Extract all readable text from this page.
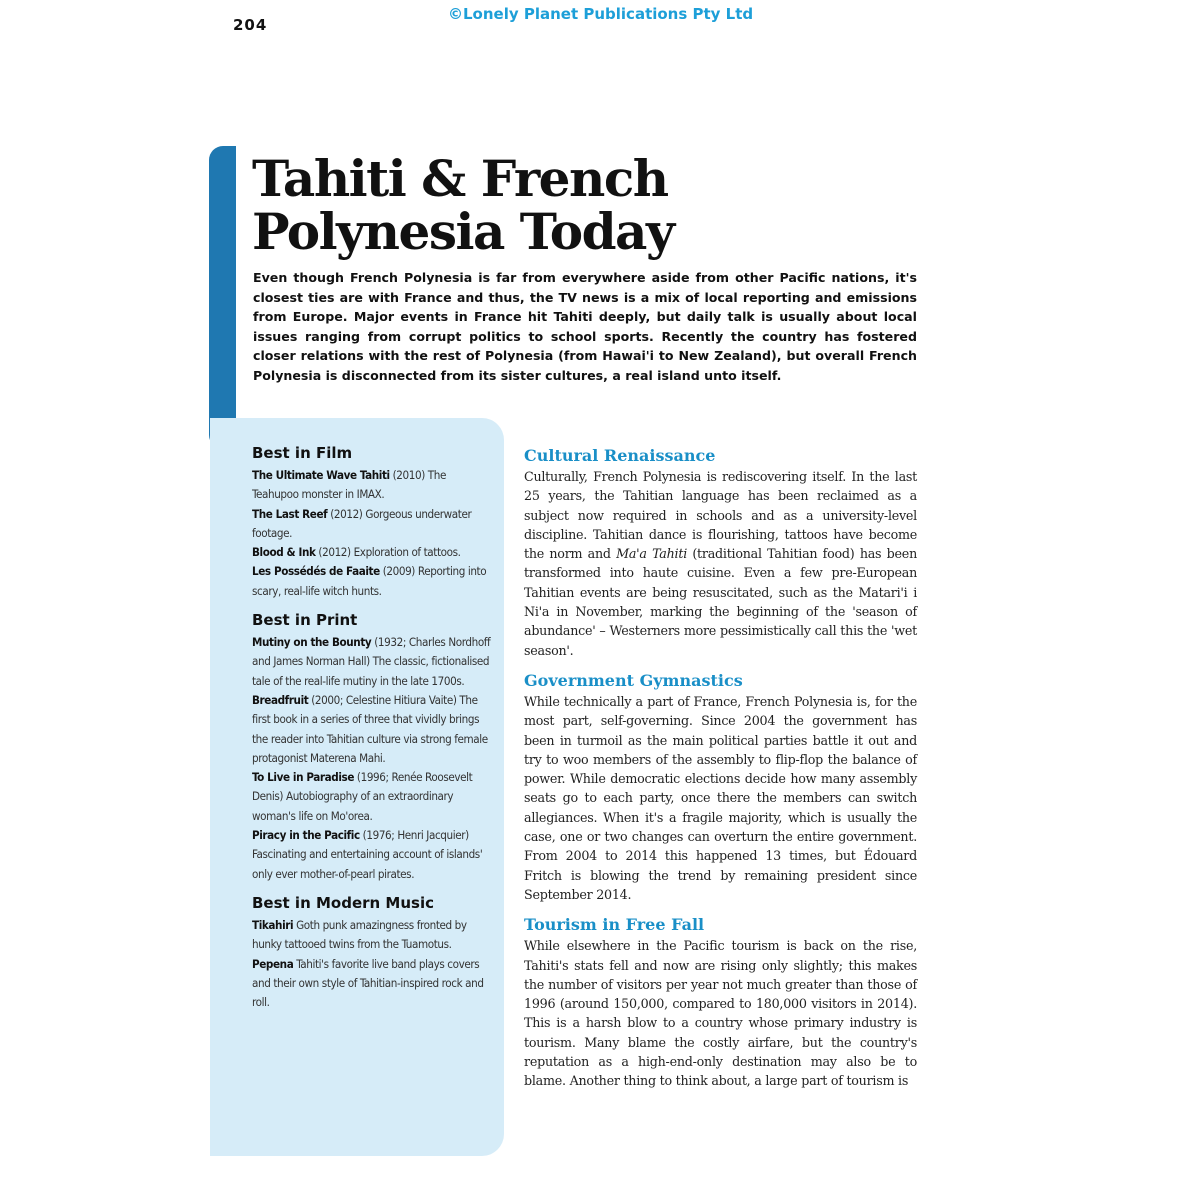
204
©Lonely Planet Publications Pty Ltd
Tahiti & French
Polynesia Today

Even though French Polynesia is far from everywhere aside from other Pacific nations, it's closest ties are with France and thus, the TV news is a mix of local reporting and emissions from Europe. Major events in France hit Tahiti deeply, but daily talk is usually about local issues ranging from corrupt politics to school sports. Recently the country has fostered closer relations with the rest of Polynesia (from Hawai'i to New Zealand), but overall French Polynesia is disconnected from its sister cultures, a real island unto itself.

Best in Film

The Ultimate Wave Tahiti (2010) The Teahupoo monster in IMAX.

The Last Reef (2012) Gorgeous underwater footage.

Blood & Ink (2012) Exploration of tattoos.

Les Possédés de Faaite (2009) Reporting into scary, real-life witch hunts.

Best in Print

Mutiny on the Bounty (1932; Charles Nordhoff and James Norman Hall) The classic, fictionalised tale of the real-life mutiny in the late 1700s.

Breadfruit (2000; Celestine Hitiura Vaite) The first book in a series of three that vividly brings the reader into Tahitian culture via strong female protagonist Materena Mahi.

To Live in Paradise (1996; Renée Roosevelt Denis) Autobiography of an extraordinary woman's life on Mo'orea.

Piracy in the Pacific (1976; Henri Jacquier) Fascinating and entertaining account of islands' only ever mother-of-pearl pirates.

Best in Modern Music

Tikahiri Goth punk amazingness fronted by hunky tattooed twins from the Tuamotus.

Pepena Tahiti's favorite live band plays covers and their own style of Tahitian-inspired rock and roll.

Cultural Renaissance

Culturally, French Polynesia is rediscovering itself. In the last 25 years, the Tahitian language has been reclaimed as a subject now required in schools and as a university-level discipline. Tahitian dance is flourishing, tattoos have become the norm and Ma'a Tahiti (traditional Tahitian food) has been transformed into haute cuisine. Even a few pre-European Tahitian events are being resuscitated, such as the Matari'i i Ni'a in November, marking the beginning of the 'season of abundance' – Westerners more pessimistically call this the 'wet season'.

Government Gymnastics

While technically a part of France, French Polynesia is, for the most part, self-governing. Since 2004 the government has been in turmoil as the main political parties battle it out and try to woo members of the assembly to flip-flop the balance of power. While democratic elections decide how many assembly seats go to each party, once there the members can switch allegiances. When it's a fragile majority, which is usually the case, one or two changes can overturn the entire government. From 2004 to 2014 this happened 13 times, but Édouard Fritch is blowing the trend by remaining president since September 2014.

Tourism in Free Fall

While elsewhere in the Pacific tourism is back on the rise, Tahiti's stats fell and now are rising only slightly; this makes the number of visitors per year not much greater than those of 1996 (around 150,000, compared to 180,000 visitors in 2014). This is a harsh blow to a country whose primary industry is tourism. Many blame the costly airfare, but the country's reputation as a high-end-only destination may also be to blame. Another thing to think about, a large part of tourism is
